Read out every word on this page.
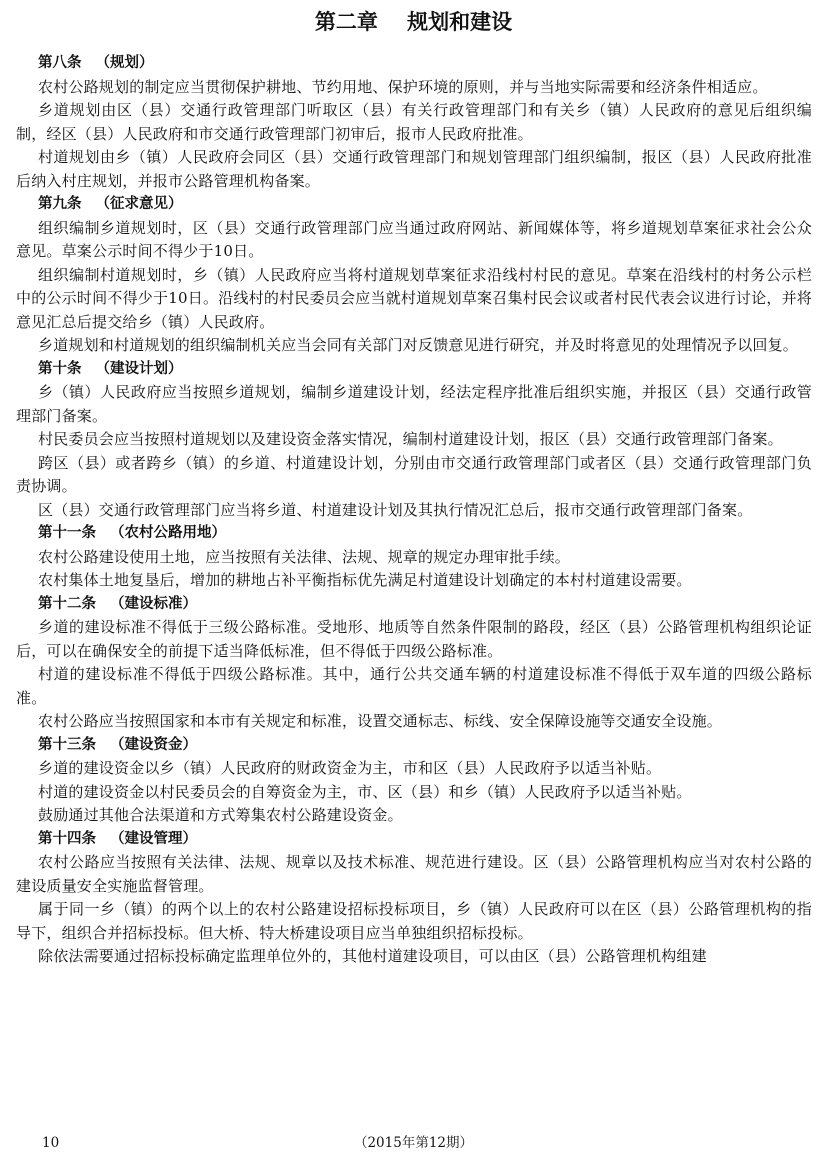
第二章    规划和建设
第八条 （规划）

农村公路规划的制定应当贯彻保护耕地、节约用地、保护环境的原则，并与当地实际需要和经济条件相适应。

乡道规划由区（县）交通行政管理部门听取区（县）有关行政管理部门和有关乡（镇）人民政府的意见后组织编制，经区（县）人民政府和市交通行政管理部门初审后，报市人民政府批准。

村道规划由乡（镇）人民政府会同区（县）交通行政管理部门和规划管理部门组织编制，报区（县）人民政府批准后纳入村庄规划，并报市公路管理机构备案。

第九条 （征求意见）

组织编制乡道规划时，区（县）交通行政管理部门应当通过政府网站、新闻媒体等，将乡道规划草案征求社会公众意见。草案公示时间不得少于10日。

组织编制村道规划时，乡（镇）人民政府应当将村道规划草案征求沿线村村民的意见。草案在沿线村的村务公示栏中的公示时间不得少于10日。沿线村的村民委员会应当就村道规划草案召集村民会议或者村民代表会议进行讨论，并将意见汇总后提交给乡（镇）人民政府。

乡道规划和村道规划的组织编制机关应当会同有关部门对反馈意见进行研究，并及时将意见的处理情况予以回复。

第十条 （建设计划）

乡（镇）人民政府应当按照乡道规划，编制乡道建设计划，经法定程序批准后组织实施，并报区（县）交通行政管理部门备案。

村民委员会应当按照村道规划以及建设资金落实情况，编制村道建设计划，报区（县）交通行政管理部门备案。

跨区（县）或者跨乡（镇）的乡道、村道建设计划，分别由市交通行政管理部门或者区（县）交通行政管理部门负责协调。

区（县）交通行政管理部门应当将乡道、村道建设计划及其执行情况汇总后，报市交通行政管理部门备案。

第十一条 （农村公路用地）

农村公路建设使用土地，应当按照有关法律、法规、规章的规定办理审批手续。

农村集体土地复垦后，增加的耕地占补平衡指标优先满足村道建设计划确定的本村村道建设需要。

第十二条 （建设标准）

乡道的建设标准不得低于三级公路标准。受地形、地质等自然条件限制的路段，经区（县）公路管理机构组织论证后，可以在确保安全的前提下适当降低标准，但不得低于四级公路标准。

村道的建设标准不得低于四级公路标准。其中，通行公共交通车辆的村道建设标准不得低于双车道的四级公路标准。

农村公路应当按照国家和本市有关规定和标准，设置交通标志、标线、安全保障设施等交通安全设施。

第十三条 （建设资金）

乡道的建设资金以乡（镇）人民政府的财政资金为主，市和区（县）人民政府予以适当补贴。

村道的建设资金以村民委员会的自筹资金为主，市、区（县）和乡（镇）人民政府予以适当补贴。

鼓励通过其他合法渠道和方式筹集农村公路建设资金。

第十四条 （建设管理）

农村公路应当按照有关法律、法规、规章以及技术标准、规范进行建设。区（县）公路管理机构应当对农村公路的建设质量安全实施监督管理。

属于同一乡（镇）的两个以上的农村公路建设招标投标项目，乡（镇）人民政府可以在区（县）公路管理机构的指导下，组织合并招标投标。但大桥、特大桥建设项目应当单独组织招标投标。

除依法需要通过招标投标确定监理单位外的，其他村道建设项目，可以由区（县）公路管理机构组建

10	（2015年第12期）
